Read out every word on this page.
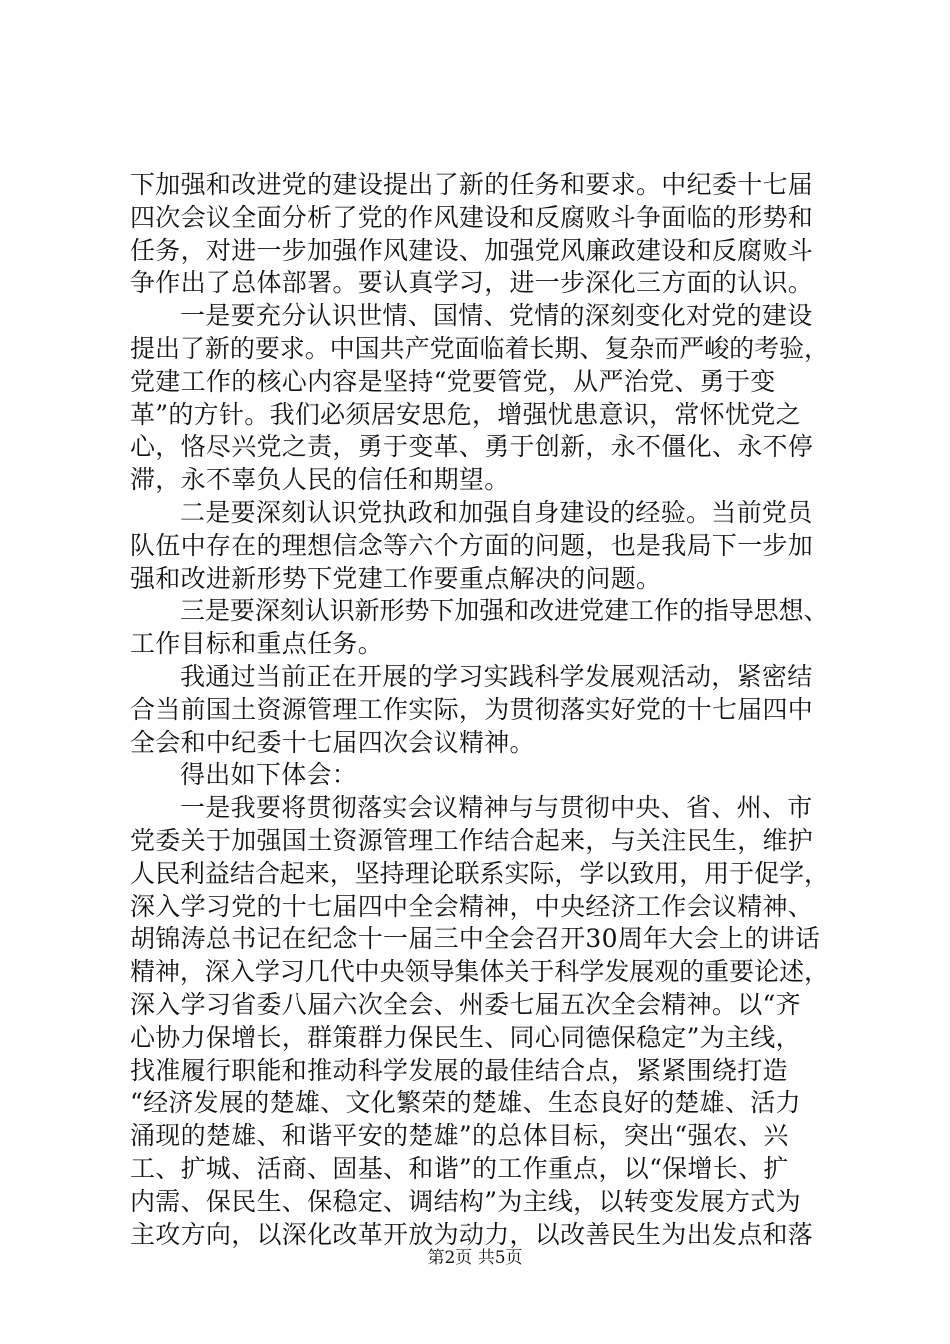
下加强和改进党的建设提出了新的任务和要求。中纪委十七届
四次会议全面分析了党的作风建设和反腐败斗争面临的形势和
任务，对进一步加强作风建设、加强党风廉政建设和反腐败斗
争作出了总体部署。要认真学习，进一步深化三方面的认识。
一是要充分认识世情、国情、党情的深刻变化对党的建设
提出了新的要求。中国共产党面临着长期、复杂而严峻的考验，
党建工作的核心内容是坚持“党要管党，从严治党、勇于变
革”的方针。我们必须居安思危，增强忧患意识，常怀忧党之
心，恪尽兴党之责，勇于变革、勇于创新，永不僵化、永不停
滞，永不辜负人民的信任和期望。
二是要深刻认识党执政和加强自身建设的经验。当前党员
队伍中存在的理想信念等六个方面的问题，也是我局下一步加
强和改进新形势下党建工作要重点解决的问题。
三是要深刻认识新形势下加强和改进党建工作的指导思想、
工作目标和重点任务。
我通过当前正在开展的学习实践科学发展观活动，紧密结
合当前国土资源管理工作实际，为贯彻落实好党的十七届四中
全会和中纪委十七届四次会议精神。
得出如下体会：
一是我要将贯彻落实会议精神与与贯彻中央、省、州、市
党委关于加强国土资源管理工作结合起来，与关注民生，维护
人民利益结合起来，坚持理论联系实际，学以致用，用于促学，
深入学习党的十七届四中全会精神，中央经济工作会议精神、
胡锦涛总书记在纪念十一届三中全会召开30周年大会上的讲话
精神，深入学习几代中央领导集体关于科学发展观的重要论述，
深入学习省委八届六次全会、州委七届五次全会精神。以“齐
心协力保增长，群策群力保民生、同心同德保稳定”为主线，
找准履行职能和推动科学发展的最佳结合点，紧紧围绕打造
“经济发展的楚雄、文化繁荣的楚雄、生态良好的楚雄、活力
涌现的楚雄、和谐平安的楚雄”的总体目标，突出“强农、兴
工、扩城、活商、固基、和谐”的工作重点，以“保增长、扩
内需、保民生、保稳定、调结构”为主线，以转变发展方式为
主攻方向，以深化改革开放为动力，以改善民生为出发点和落
第2页 共5页
